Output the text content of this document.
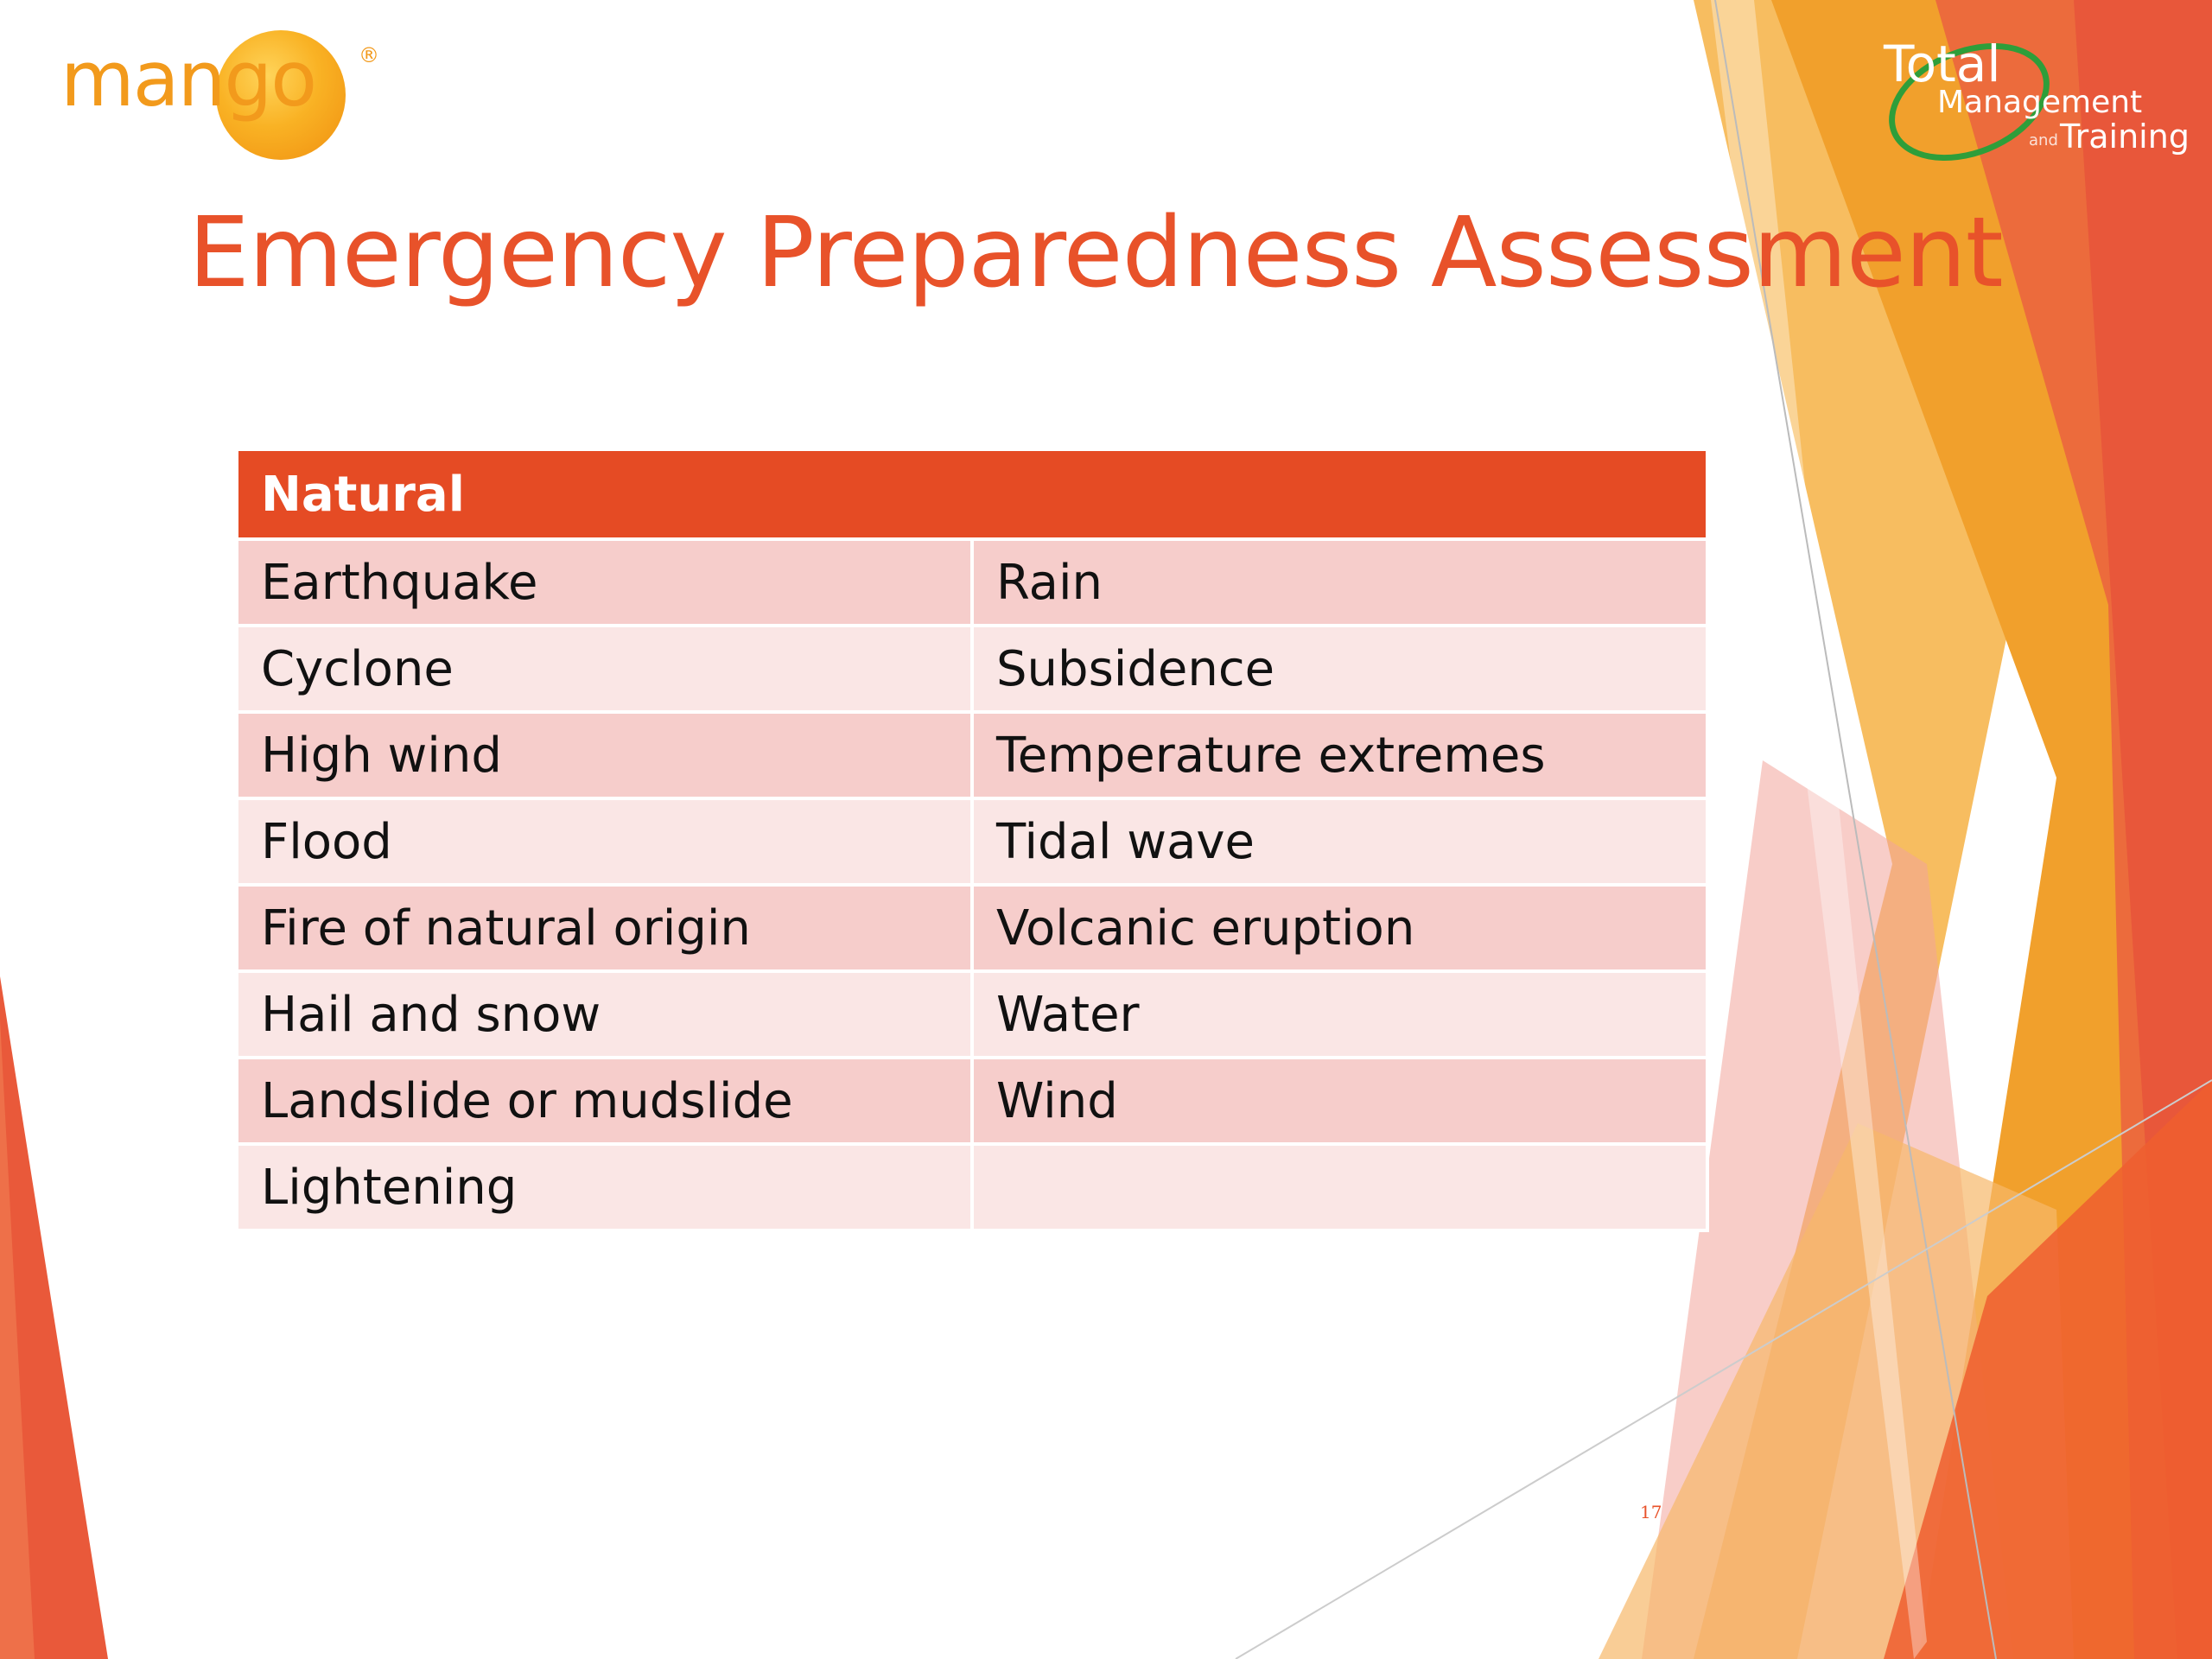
mango ®	Total
Management
and Training
Emergency Preparedness Assessment
Natural	
Earthquake	Rain
Cyclone	Subsidence
High wind	Temperature extremes
Flood	Tidal wave
Fire of natural origin	Volcanic eruption
Hail and snow	Water
Landslide or mudslide	Wind
Lightening	
17
